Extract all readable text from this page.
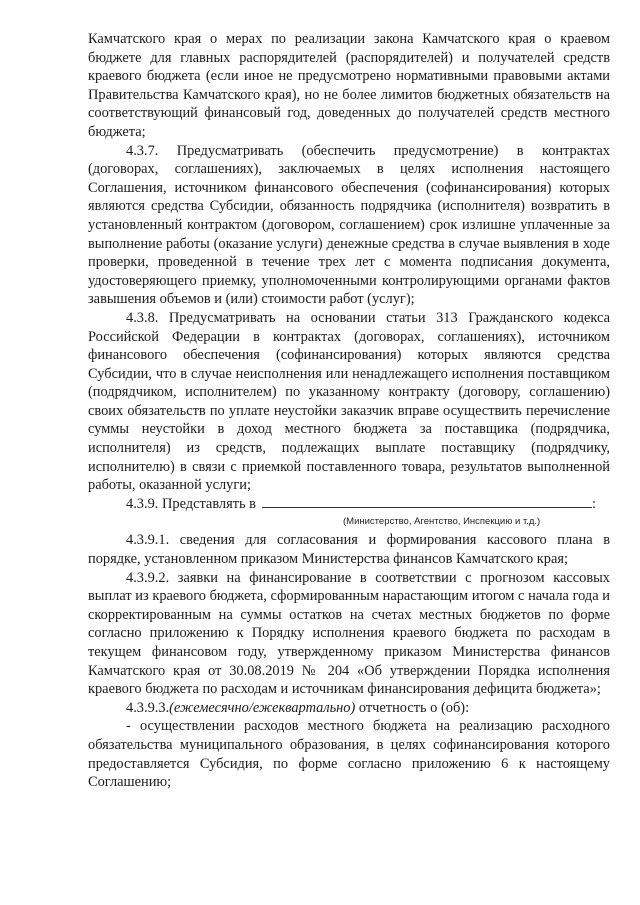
Камчатского края о мерах по реализации закона Камчатского края о краевом бюджете для главных распорядителей (распорядителей) и получателей средств краевого бюджета (если иное не предусмотрено нормативными правовыми актами Правительства Камчатского края), но не более лимитов бюджетных обязательств на соответствующий финансовый год, доведенных до получателей средств местного бюджета;

4.3.7. Предусматривать (обеспечить предусмотрение) в контрактах (договорах, соглашениях), заключаемых в целях исполнения настоящего Соглашения, источником финансового обеспечения (софинансирования) которых являются средства Субсидии, обязанность подрядчика (исполнителя) возвратить в установленный контрактом (договором, соглашением) срок излишне уплаченные за выполнение работы (оказание услуги) денежные средства в случае выявления в ходе проверки, проведенной в течение трех лет с момента подписания документа, удостоверяющего приемку, уполномоченными контролирующими органами фактов завышения объемов и (или) стоимости работ (услуг);

4.3.8. Предусматривать на основании статьи 313 Гражданского кодекса Российской Федерации в контрактах (договорах, соглашениях), источником финансового обеспечения (софинансирования) которых являются средства Субсидии, что в случае неисполнения или ненадлежащего исполнения поставщиком (подрядчиком, исполнителем) по указанному контракту (договору, соглашению) своих обязательств по уплате неустойки заказчик вправе осуществить перечисление суммы неустойки в доход местного бюджета за поставщика (подрядчика, исполнителя) из средств, подлежащих выплате поставщику (подрядчику, исполнителю) в связи с приемкой поставленного товара, результатов выполненной работы, оказанной услуги;

4.3.9. Представлять в	:

(Министерство, Агентство, Инспекцию и т.д.)

4.3.9.1. сведения для согласования и формирования кассового плана в порядке, установленном приказом Министерства финансов Камчатского края;

4.3.9.2. заявки на финансирование в соответствии с прогнозом кассовых выплат из краевого бюджета, сформированным нарастающим итогом с начала года и скорректированным на суммы остатков на счетах местных бюджетов по форме согласно приложению к Порядку исполнения краевого бюджета по расходам в текущем финансовом году, утвержденному приказом Министерства финансов Камчатского края от 30.08.2019 № 204 «Об утверждении Порядка исполнения краевого бюджета по расходам и источникам финансирования дефицита бюджета»;

4.3.9.3.(ежемесячно/ежеквартально) отчетность о (об):

- осуществлении расходов местного бюджета на реализацию расходного обязательства муниципального образования, в целях софинансирования которого предоставляется Субсидия, по форме согласно приложению 6 к настоящему Соглашению;
